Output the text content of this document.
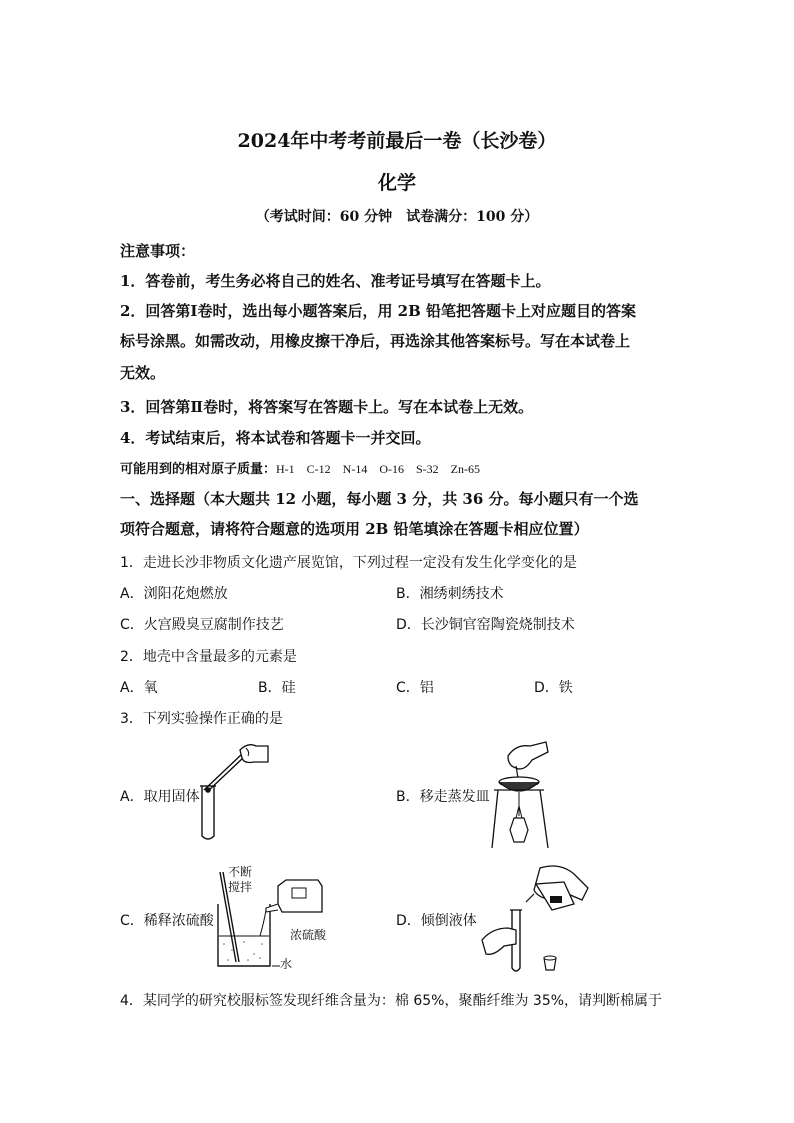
2024年中考考前最后一卷（长沙卷）
化学
（考试时间：60 分钟　试卷满分：100 分）
注意事项：
1．答卷前，考生务必将自己的姓名、准考证号填写在答题卡上。
2．回答第Ⅰ卷时，选出每小题答案后，用 2B 铅笔把答题卡上对应题目的答案
标号涂黑。如需改动，用橡皮擦干净后，再选涂其他答案标号。写在本试卷上
无效。
3．回答第Ⅱ卷时，将答案写在答题卡上。写在本试卷上无效。
4．考试结束后，将本试卷和答题卡一并交回。
可能用到的相对原子质量：H-1　C-12　N-14　O-16　S-32　Zn-65
一、选择题（本大题共 12 小题，每小题 3 分，共 36 分。每小题只有一个选
项符合题意，请将符合题意的选项用 2B 铅笔填涂在答题卡相应位置）
1．走进长沙非物质文化遗产展览馆，下列过程一定没有发生化学变化的是
A．浏阳花炮燃放	B．湘绣刺绣技术
C．火宫殿臭豆腐制作技艺	D．长沙铜官窑陶瓷烧制技术
2．地壳中含量最多的元素是
A．氧	B．硅	C．铝	D．铁
3．下列实验操作正确的是
A．取用固体	B．移走蒸发皿
C．稀释浓硫酸
不断
搅拌
浓硫酸
水
D．倾倒液体
4．某同学的研究校服标签发现纤维含量为：棉 65%，聚酯纤维为 35%，请判断棉属于
